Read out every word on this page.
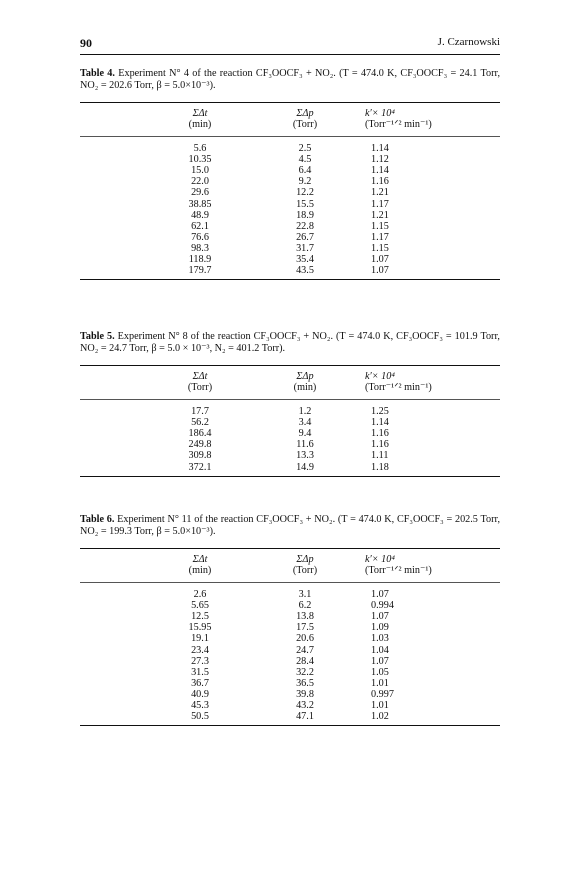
90	J. Czarnowski
Table 4. Experiment N° 4 of the reaction CF₃OOCF₃ + NO₂. (T = 474.0 K, CF₃OOCF₃ = 24.1 Torr, NO₂ = 202.6 Torr, β = 5.0×10⁻³).
ΣΔt
(min)
ΣΔp
(Torr)
k′× 10⁴
(Torr⁻¹ᐟ² min⁻¹)
5.6	2.5	1.14
10.35	4.5	1.12
15.0	6.4	1.14
22.0	9.2	1.16
29.6	12.2	1.21
38.85	15.5	1.17
48.9	18.9	1.21
62.1	22.8	1.15
76.6	26.7	1.17
98.3	31.7	1.15
118.9	35.4	1.07
179.7	43.5	1.07
Table 5. Experiment N° 8 of the reaction CF₃OOCF₃ + NO₂. (T = 474.0 K, CF₃OOCF₃ = 101.9 Torr, NO₂ = 24.7 Torr, β = 5.0 × 10⁻³, N₂ = 401.2 Torr).
ΣΔt
(Torr)
ΣΔp
(min)
k′× 10⁴
(Torr⁻¹ᐟ² min⁻¹)
17.7	1.2	1.25
56.2	3.4	1.14
186.4	9.4	1.16
249.8	11.6	1.16
309.8	13.3	1.11
372.1	14.9	1.18
Table 6. Experiment N° 11 of the reaction CF₃OOCF₃ + NO₂. (T = 474.0 K, CF₃OOCF₃ = 202.5 Torr, NO₂ = 199.3 Torr, β = 5.0×10⁻³).
ΣΔt
(min)
ΣΔp
(Torr)
k′× 10⁴
(Torr⁻¹ᐟ² min⁻¹)
2.6	3.1	1.07
5.65	6.2	0.994
12.5	13.8	1.07
15.95	17.5	1.09
19.1	20.6	1.03
23.4	24.7	1.04
27.3	28.4	1.07
31.5	32.2	1.05
36.7	36.5	1.01
40.9	39.8	0.997
45.3	43.2	1.01
50.5	47.1	1.02
